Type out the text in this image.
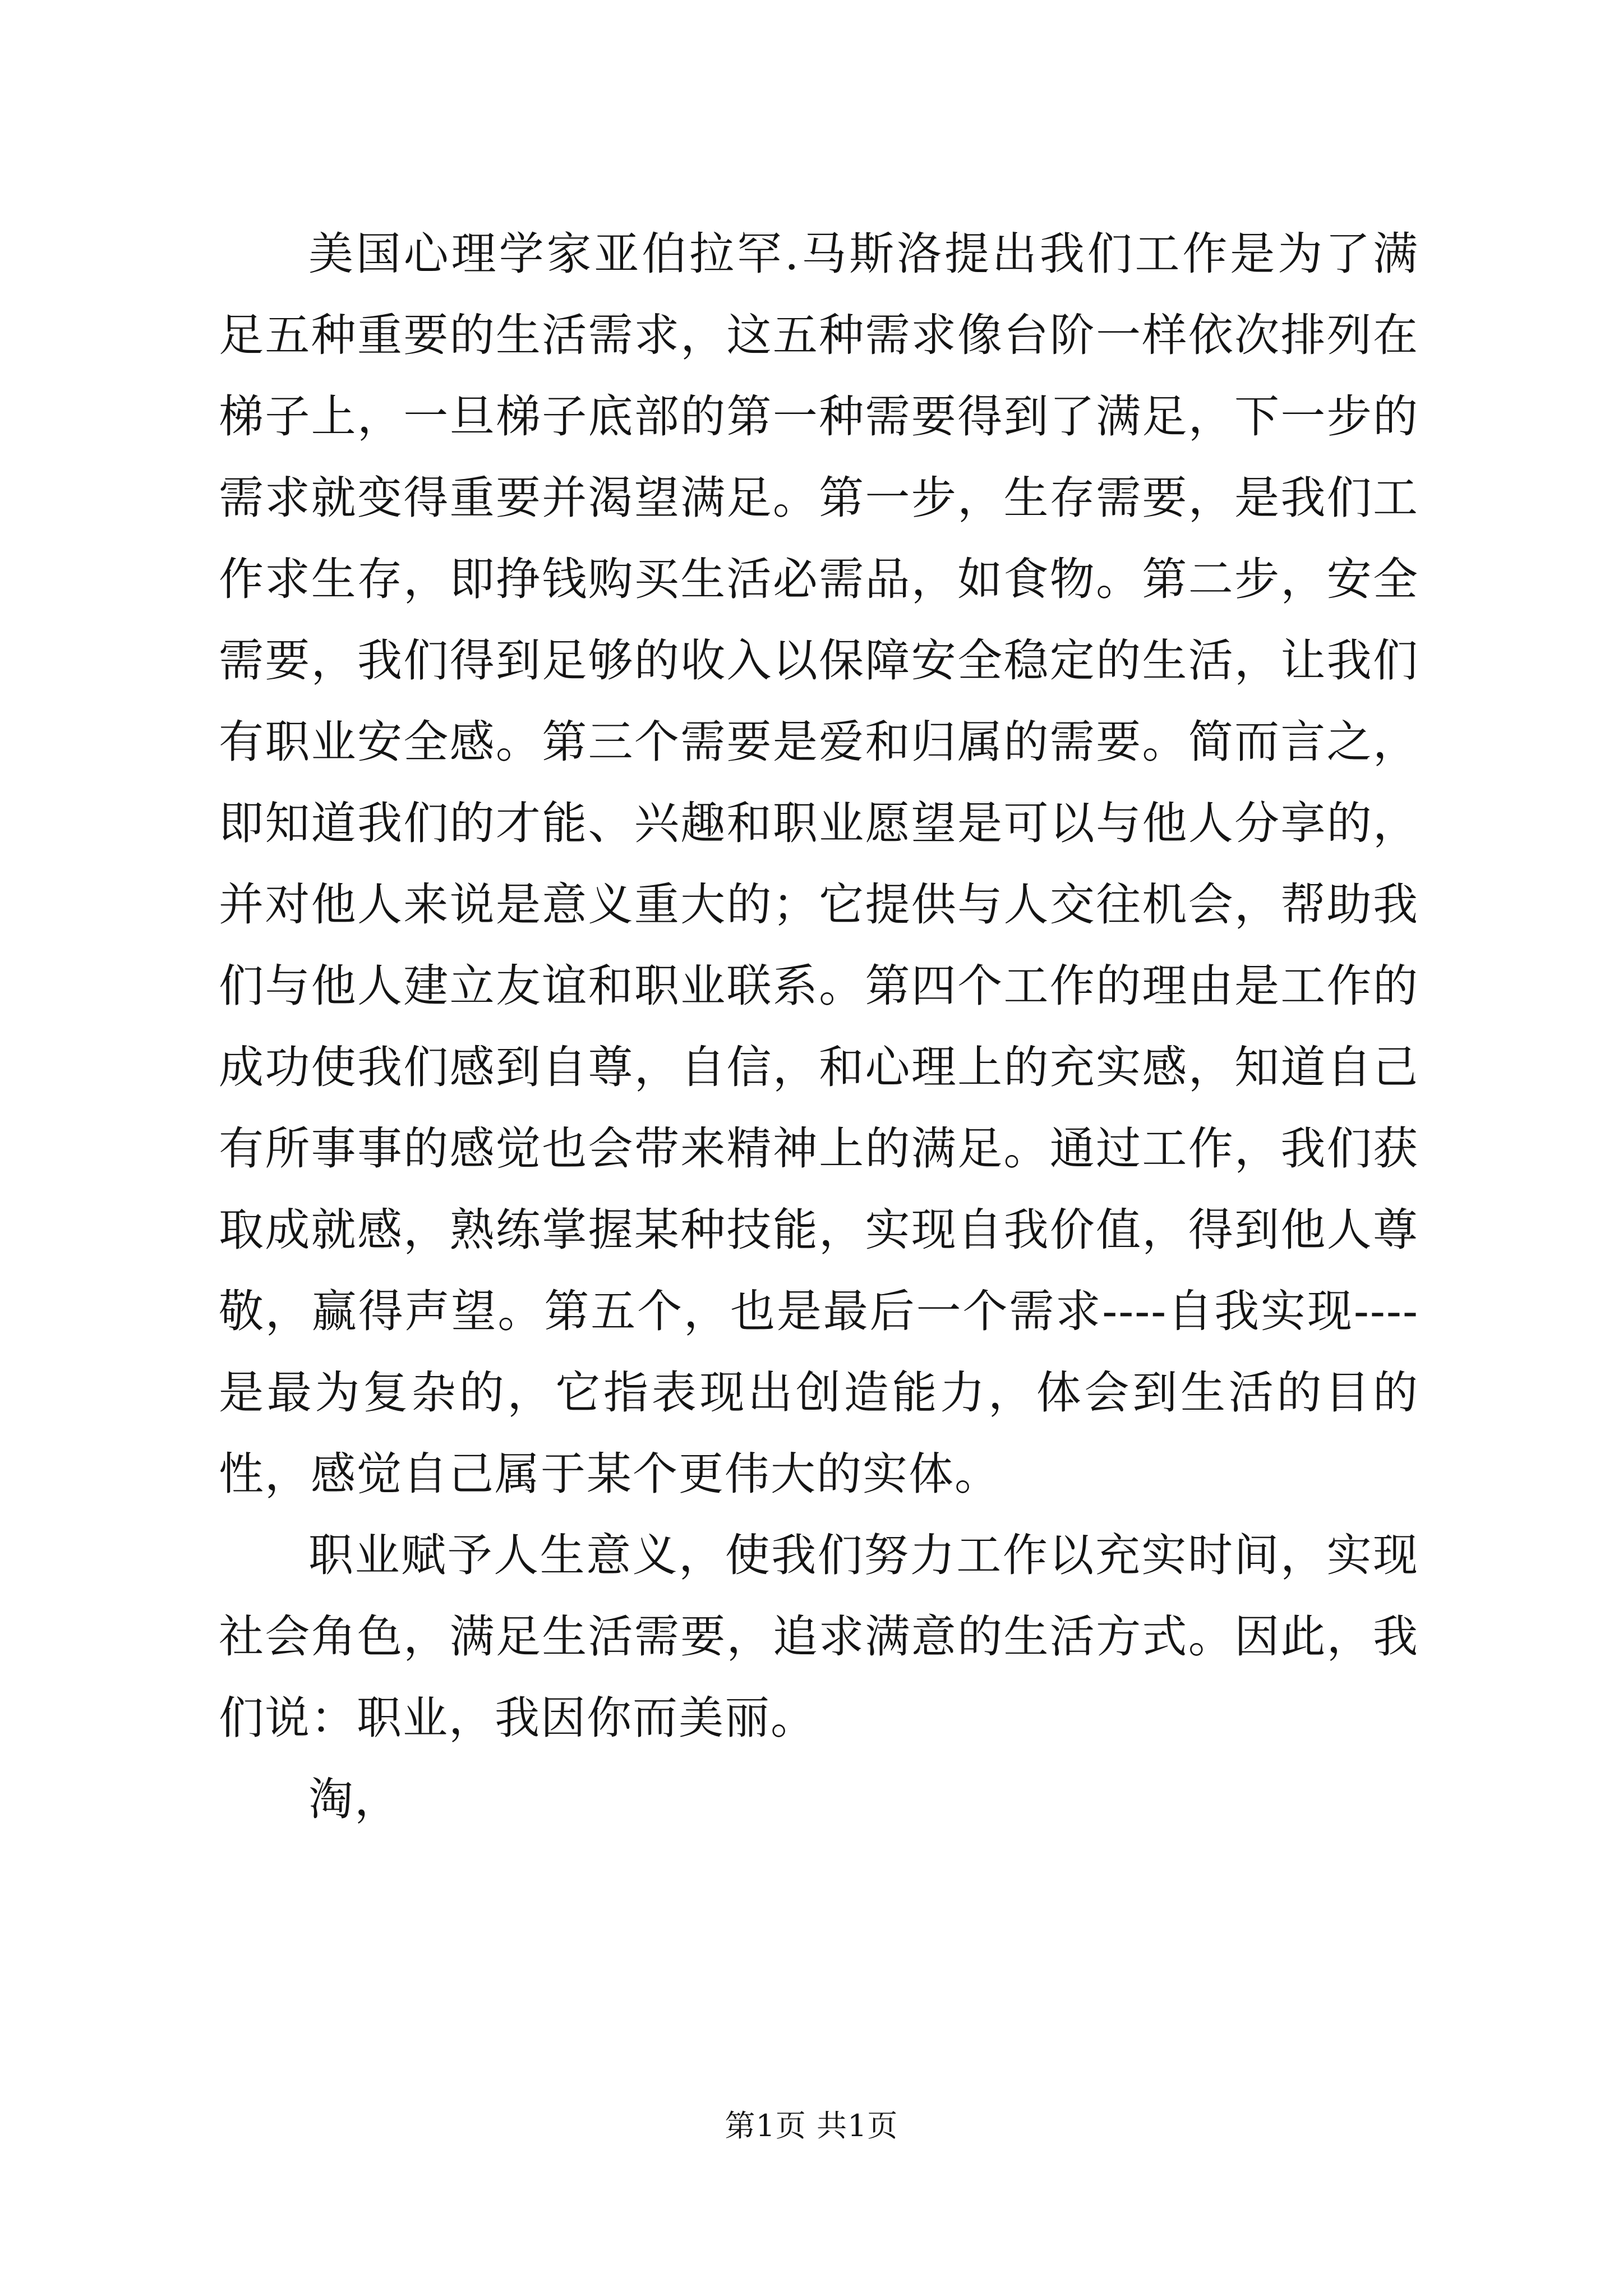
美国心理学家亚伯拉罕.马斯洛提出我们工作是为了满足五种重要的生活需求，这五种需求像台阶一样依次排列在梯子上，一旦梯子底部的第一种需要得到了满足，下一步的需求就变得重要并渴望满足。第一步，生存需要，是我们工作求生存，即挣钱购买生活必需品，如食物。第二步，安全需要，我们得到足够的收入以保障安全稳定的生活，让我们有职业安全感。第三个需要是爱和归属的需要。简而言之，即知道我们的才能、兴趣和职业愿望是可以与他人分享的，并对他人来说是意义重大的；它提供与人交往机会，帮助我们与他人建立友谊和职业联系。第四个工作的理由是工作的成功使我们感到自尊，自信，和心理上的充实感，知道自己有所事事的感觉也会带来精神上的满足。通过工作，我们获取成就感，熟练掌握某种技能，实现自我价值，得到他人尊敬，赢得声望。第五个，也是最后一个需求----自我实现----是最为复杂的，它指表现出创造能力，体会到生活的目的性，感觉自己属于某个更伟大的实体。

职业赋予人生意义，使我们努力工作以充实时间，实现社会角色，满足生活需要，追求满意的生活方式。因此，我们说：职业，我因你而美丽。

淘，

第1页 共1页
